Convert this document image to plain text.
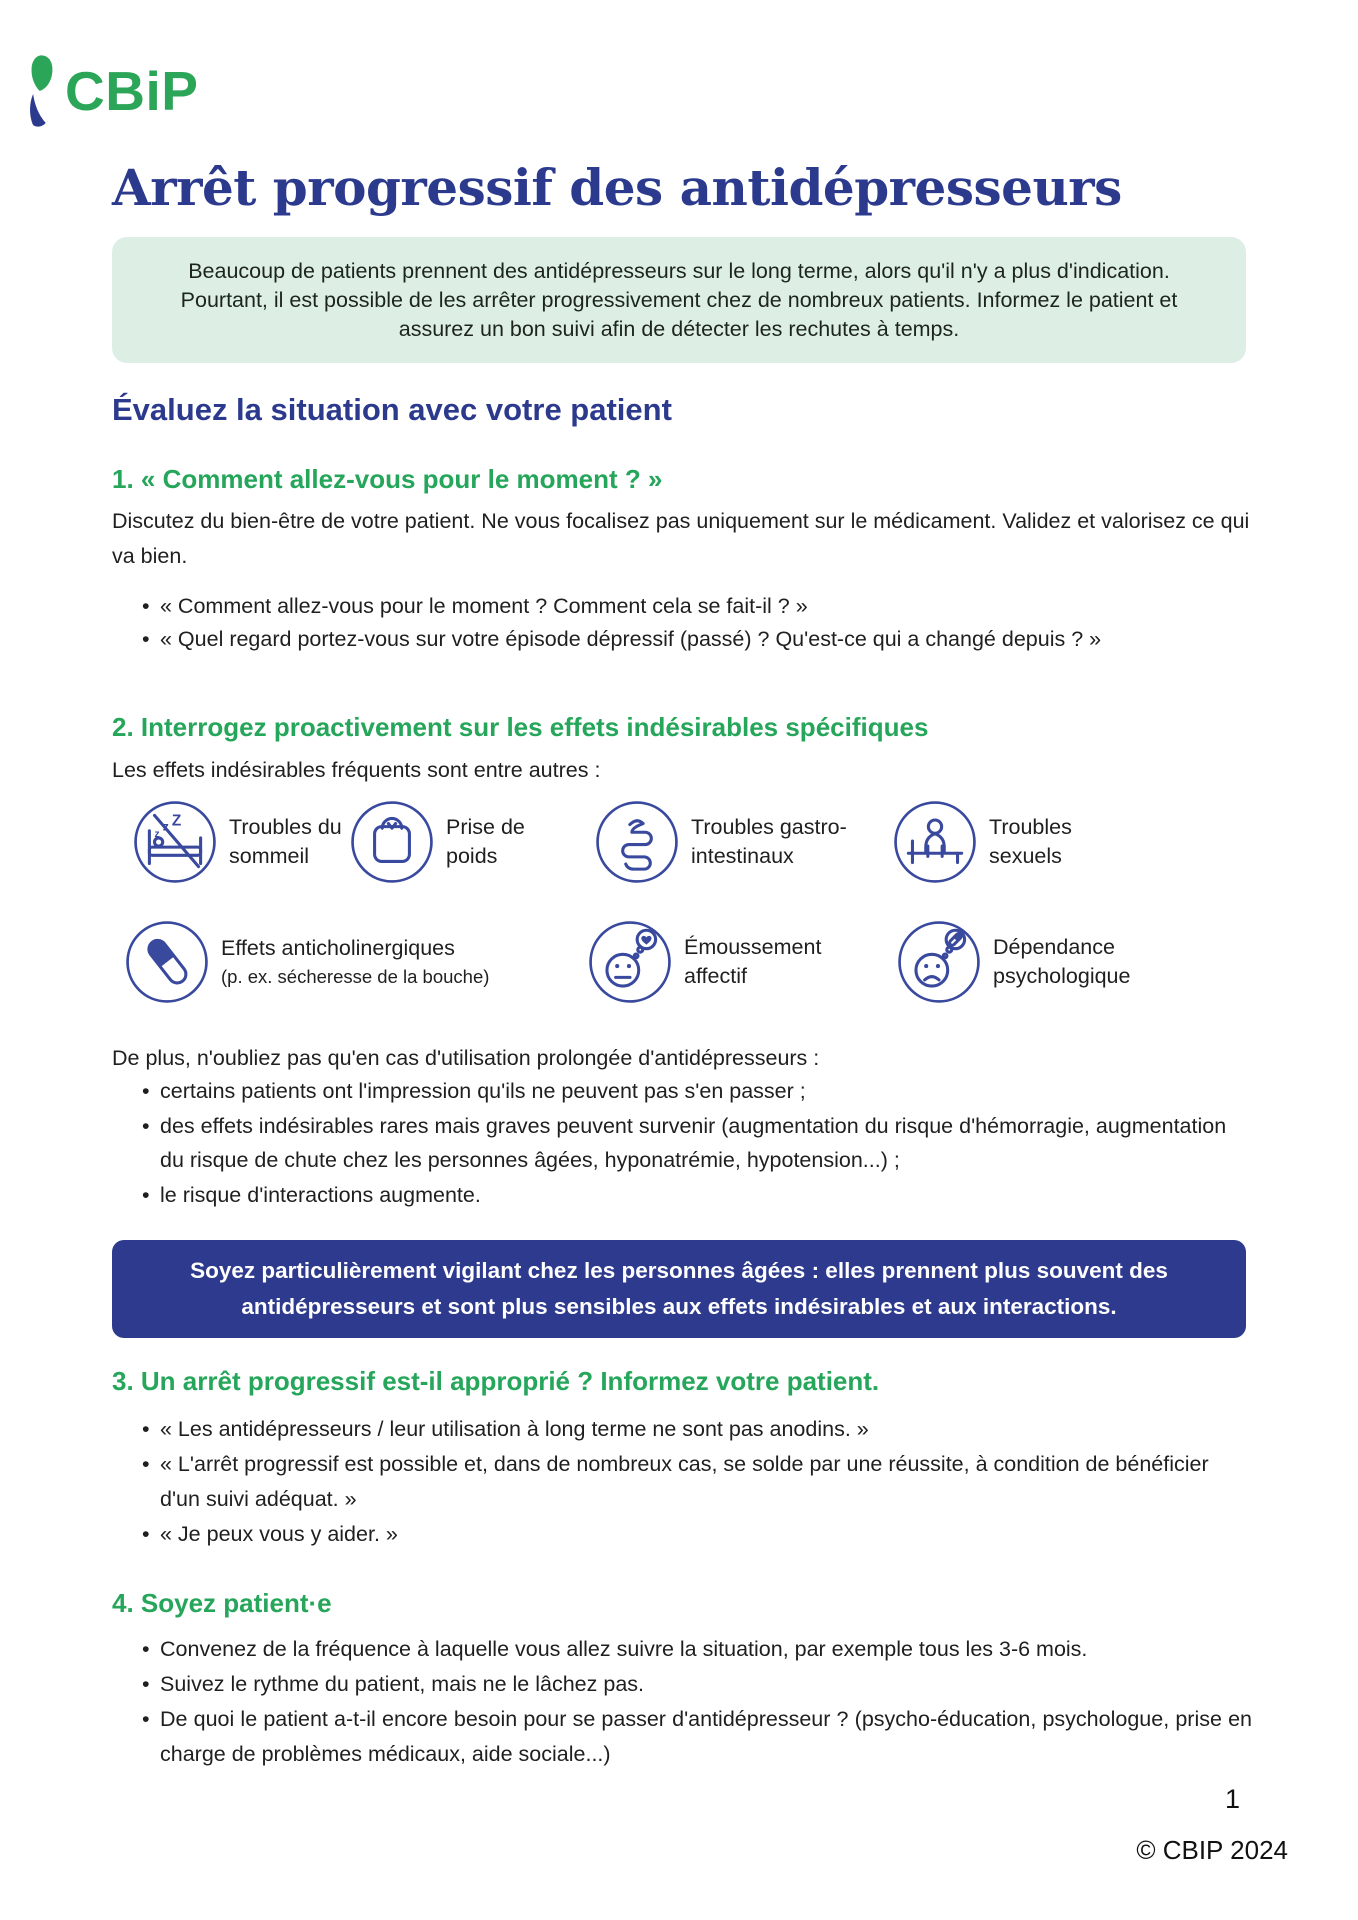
CBiP
Arrêt progressif des antidépresseurs

Beaucoup de patients prennent des antidépresseurs sur le long terme, alors qu'il n'y a plus d'indication. Pourtant, il est possible de les arrêter progressivement chez de nombreux patients. Informez le patient et assurez un bon suivi afin de détecter les rechutes à temps.

Évaluez la situation avec votre patient
1. « Comment allez-vous pour le moment ? »

Discutez du bien-être de votre patient. Ne vous focalisez pas uniquement sur le médicament. Validez et valorisez ce qui va bien.

• « Comment allez-vous pour le moment ? Comment cela se fait-il ? »
• « Quel regard portez-vous sur votre épisode dépressif (passé) ? Qu'est-ce qui a changé depuis ? »
2. Interrogez proactivement sur les effets indésirables spécifiques

Les effets indésirables fréquents sont entre autres :

z
z Z Troubles du sommeil
Prise de poids
Troubles gastro-intestinaux
Troubles sexuels
Effets anticholinergiques
(p. ex. sécheresse de la bouche)
Émoussement affectif
Dépendance psychologique

De plus, n'oubliez pas qu'en cas d'utilisation prolongée d'antidépresseurs :

• certains patients ont l'impression qu'ils ne peuvent pas s'en passer ;
• des effets indésirables rares mais graves peuvent survenir (augmentation du risque d'hémorragie, augmentation du risque de chute chez les personnes âgées, hyponatrémie, hypotension...) ;
• le risque d'interactions augmente.
Soyez particulièrement vigilant chez les personnes âgées : elles prennent plus souvent des antidépresseurs et sont plus sensibles aux effets indésirables et aux interactions.
3. Un arrêt progressif est-il approprié ? Informez votre patient.
• « Les antidépresseurs / leur utilisation à long terme ne sont pas anodins. »
• « L'arrêt progressif est possible et, dans de nombreux cas, se solde par une réussite, à condition de bénéficier d'un suivi adéquat. »
• « Je peux vous y aider. »
4. Soyez patient·e
• Convenez de la fréquence à laquelle vous allez suivre la situation, par exemple tous les 3-6 mois.
• Suivez le rythme du patient, mais ne le lâchez pas.
• De quoi le patient a-t-il encore besoin pour se passer d'antidépresseur ? (psycho-éducation, psychologue, prise en charge de problèmes médicaux, aide sociale...)
1
© CBIP 2024
